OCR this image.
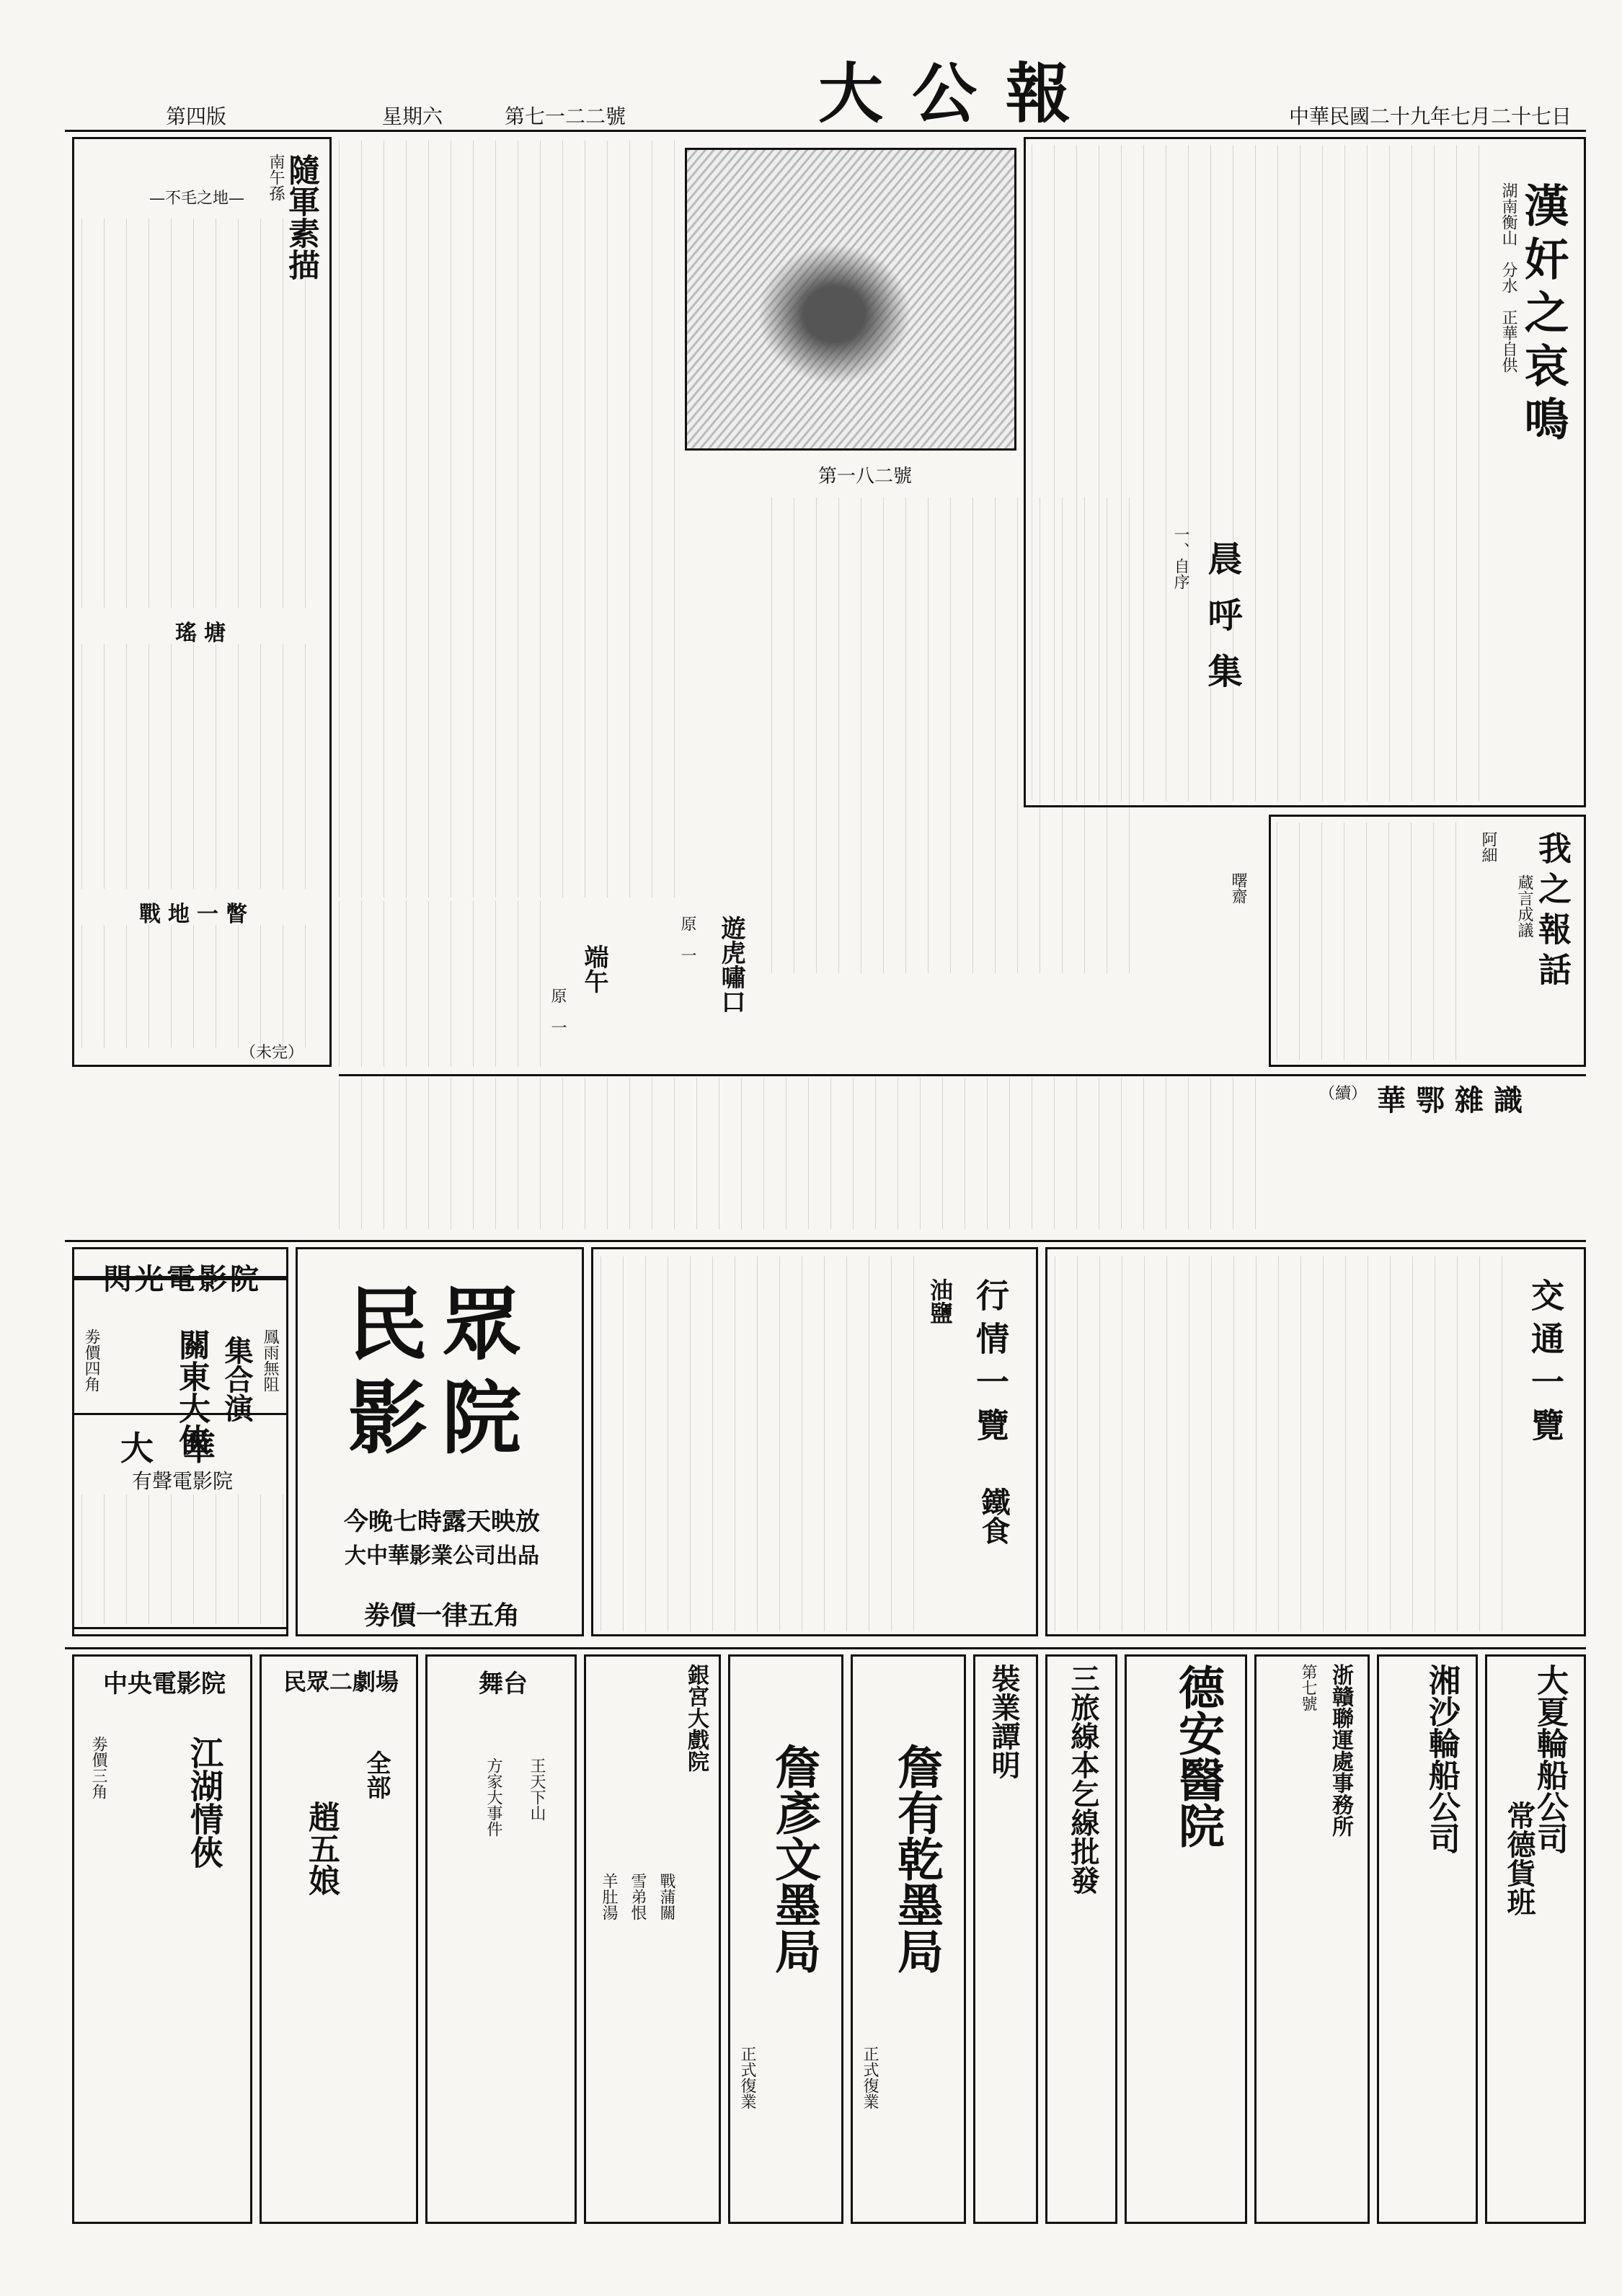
大公報	中華民國二十九年七月二十七日
第七一二二號
星期六
第四版
隨軍素描
南午孫
—不毛之地—
瑤塘
戰地一瞥
（未完）
第一八二號
漢奸之哀鳴
湖南衡山　分水　正華自供
晨呼集
一、自序
曙齋	我之報話
蔵言成議
阿細
遊虎嘯口
原　一
端午
原　一
華鄂雜識
（續）
閃光電影院
集合演
關東大俠	鳳雨無阻
劵價四角
大華
有聲電影院
民眾影院
今晚七時露天映放
大中華影業公司出品
劵價一律五角
行情一覽
油鹽
鐵食
交通一覽
中央電影院
江湖情俠
劵價三角
民眾二劇場
全部
趙五娘
舞台
王天下山
方家大事件
銀宮大戲院
戰蒲關
雪弟恨
羊肚湯	詹彥文墨局
正式復業
詹有乾墨局
正式復業
裝業譚明 三旅線本乞線批發 德安醫院	浙贛聯運處事務所
第七號	湘沙輪船公司 大夏輪船公司
常德貨班
